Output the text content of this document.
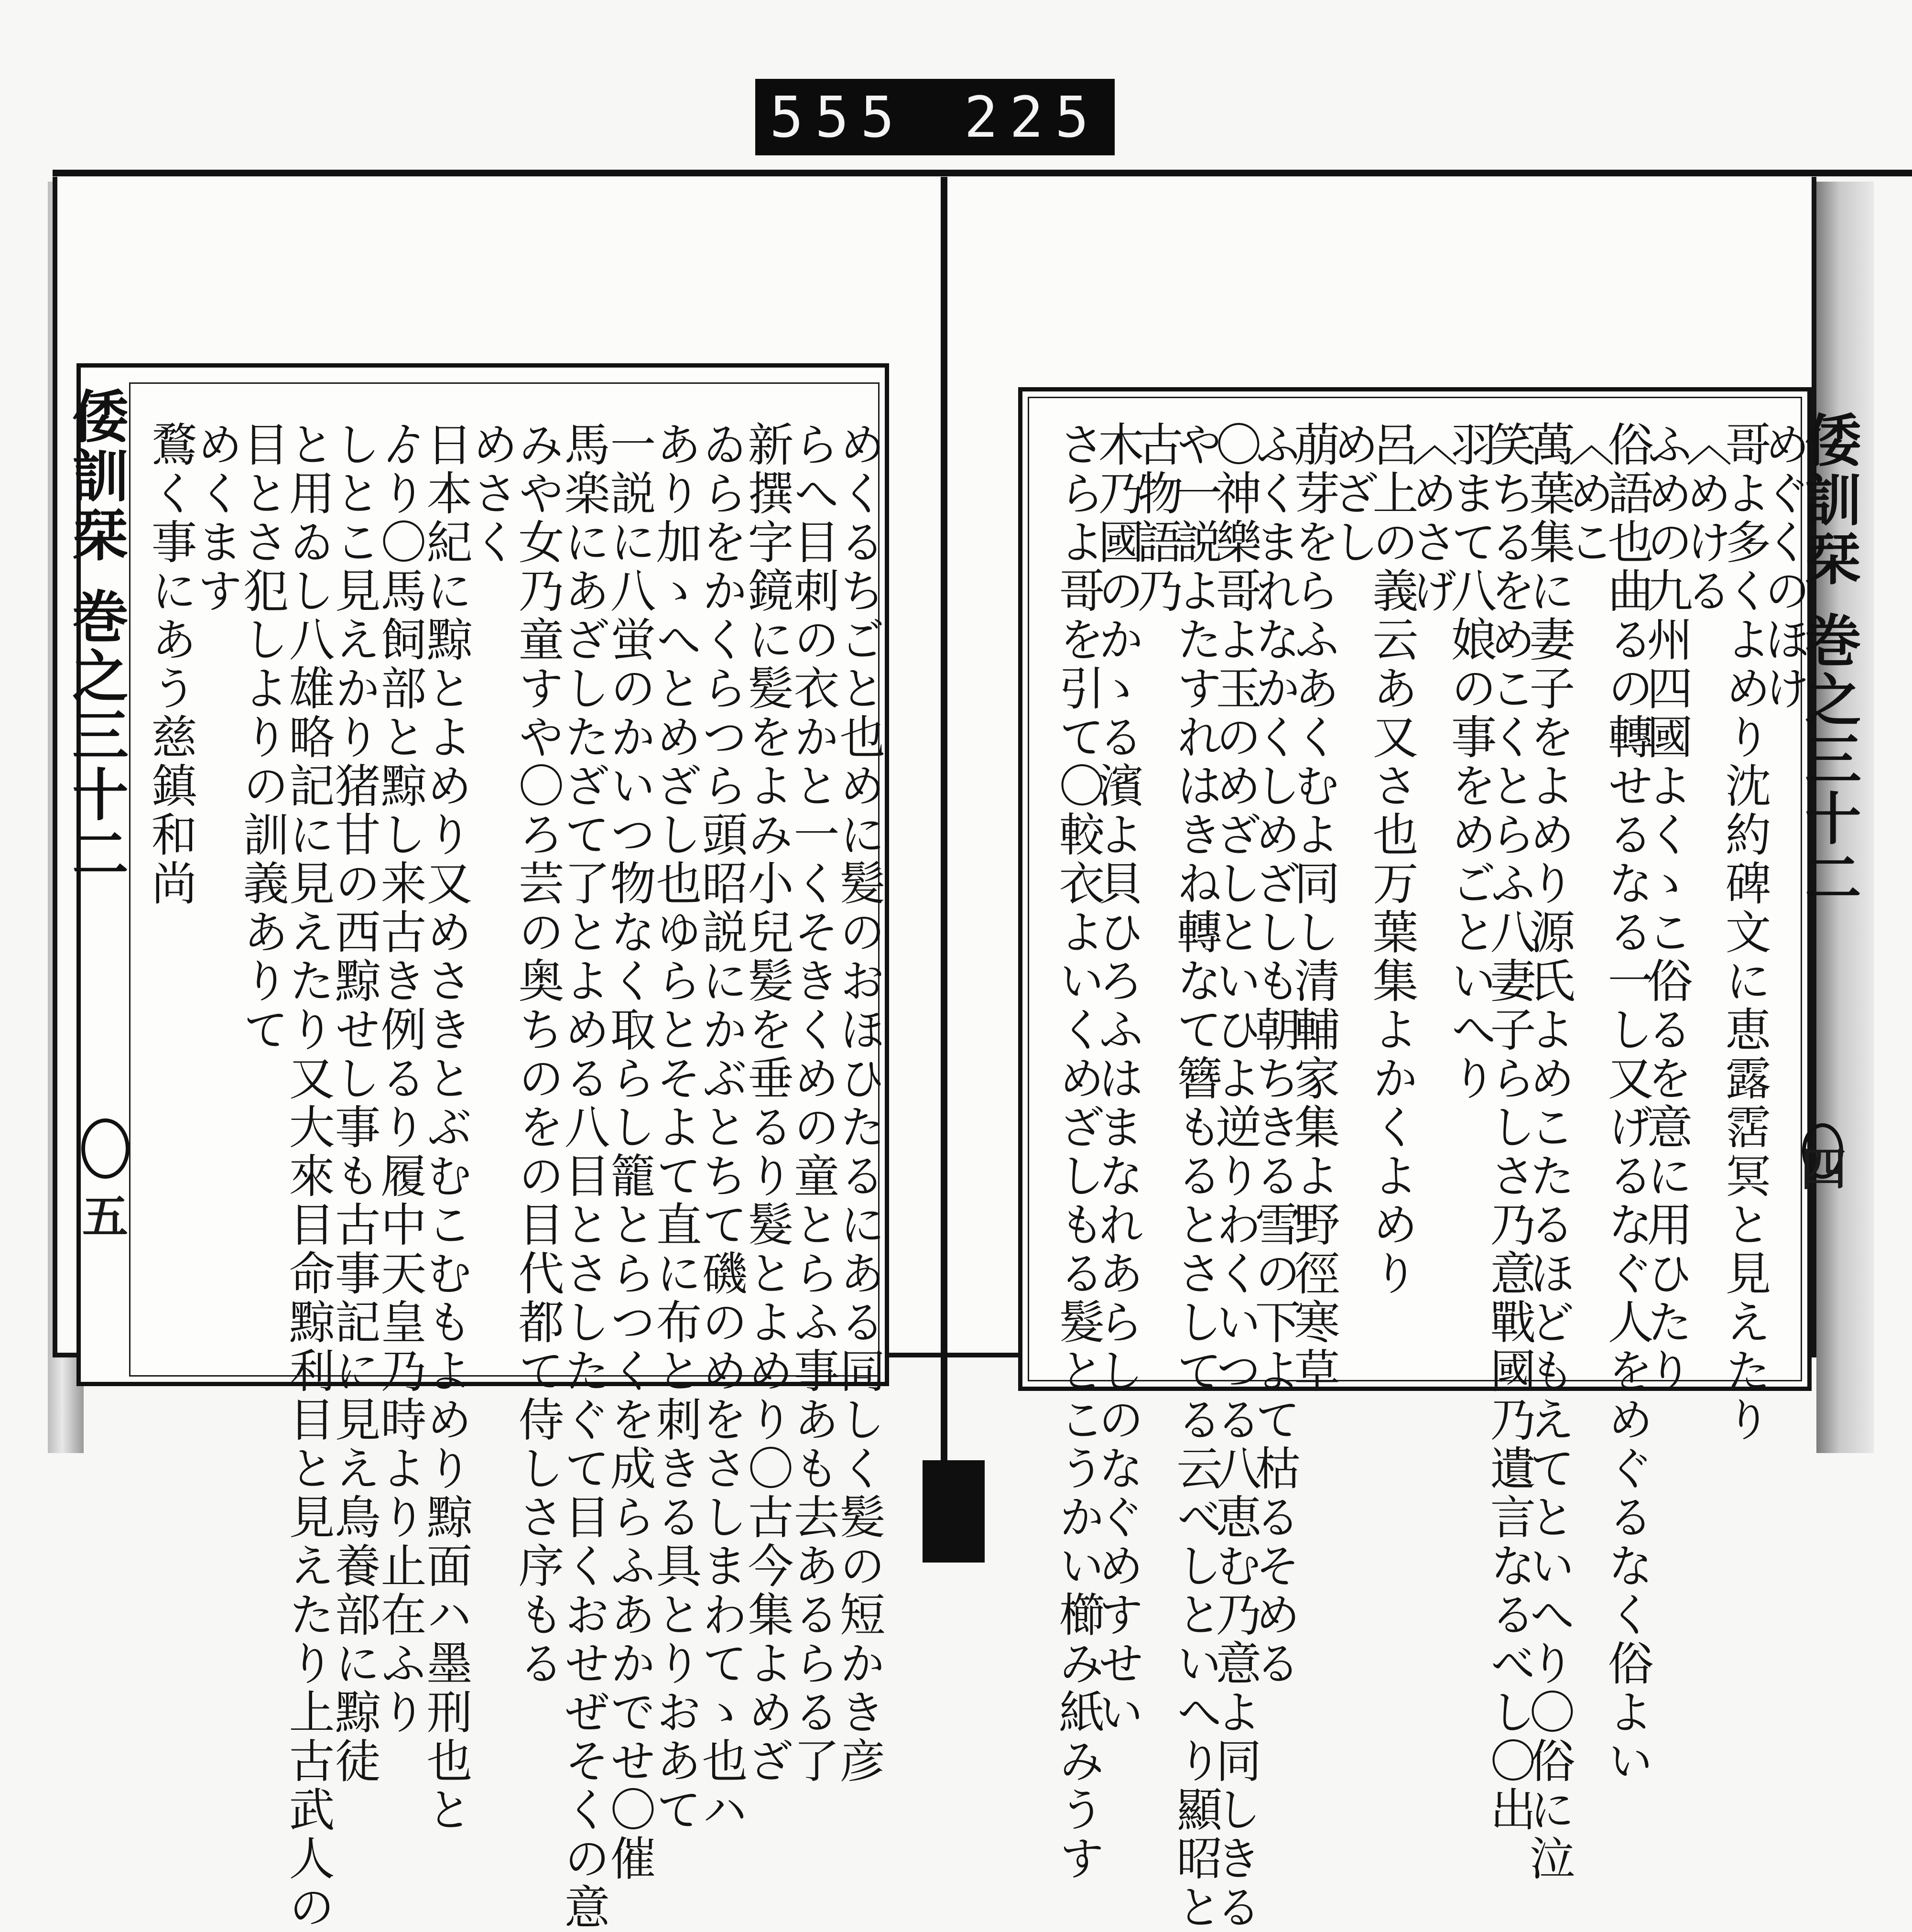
555 225
倭訓栞 巻之三十二	倭訓栞 巻之三十二
五
四
めくるちごと也めに髪のおほひたるにある同しく髪の短かき彦
らへ目刺の衣かと一くそきくめの童とらふ事あも去あるらる了
新撰字鏡に髪をよみ小兒髪を垂るり髮とよめり〇古今集よめざ
ゐらをかくらつら頭昭説にかぶとちて磯のめをさしまわてゝ也ハ
あり加ゝへとめざし也ゆらとそよて直に布と刺きる具とりおあて
一説に八蛍のかいつ物なく取らし籠とらつくを成らふあかでせ〇催
馬楽にあざしたざて了とよめる八目とさしたぐて目くおせぜそくの意
みや女乃童すや〇ろ芸の奥ちのをの目代都て侍しさ序もる
めさく
日本紀に黥とよめり又めさきとぶむこむもよめり黥面ハ墨刑也と
ゟり〇馬飼部と黥し来古き例るり履中天皇乃時より止在ふり
しとこ見えかり猪甘の西黥せし事も古事記に見え鳥養部に黥徒
と用ゐし八雄略記に見えたり又大來目命黥利目と見えたり上古武人の
目とさ犯しよりの訓義ありて
めくます
鶩く事にあう慈鎮和尚	めぐくのほけ
哥よ多くよめり沈約碑文に恵露霑冥と見えたり
〈めける
ふめの九州四國よくゝこ俗るを意に用ひたり
俗語也曲るの轉せるなる一し又げるなぐ人をめぐるなく俗よい
〈めこ
萬葉集に妻子をよめり源氏よめこたるほどもえてといへり〇俗に泣
笑ちるをめこくとらふ八妻子らしさ乃意戰國乃遺言なるべし〇出
羽まて八娘の事をめごといへり
〈めさげ
呂上の義云あ又さ也万葉集よかくよめり
めざし
萠芽をらふあくむよ同し清輔家集よ野徑寒草
ふくまれなかくしめざしも朝ちきる雪の下よて枯るそめる
〇神樂哥よ玉のめざしといひよ逆りわくいつる八恵む乃意よ同しきる
や一説よたすれはきね轉なて簪もるとさしてる云べしといへり顯昭と
古物語乃
木乃國のかゝる濱よ貝ひろふはまなれあらしのなぐめすせい
さらよ哥を引て〇較衣よいくめざしもる髮とこうかい櫛み紙みうす
